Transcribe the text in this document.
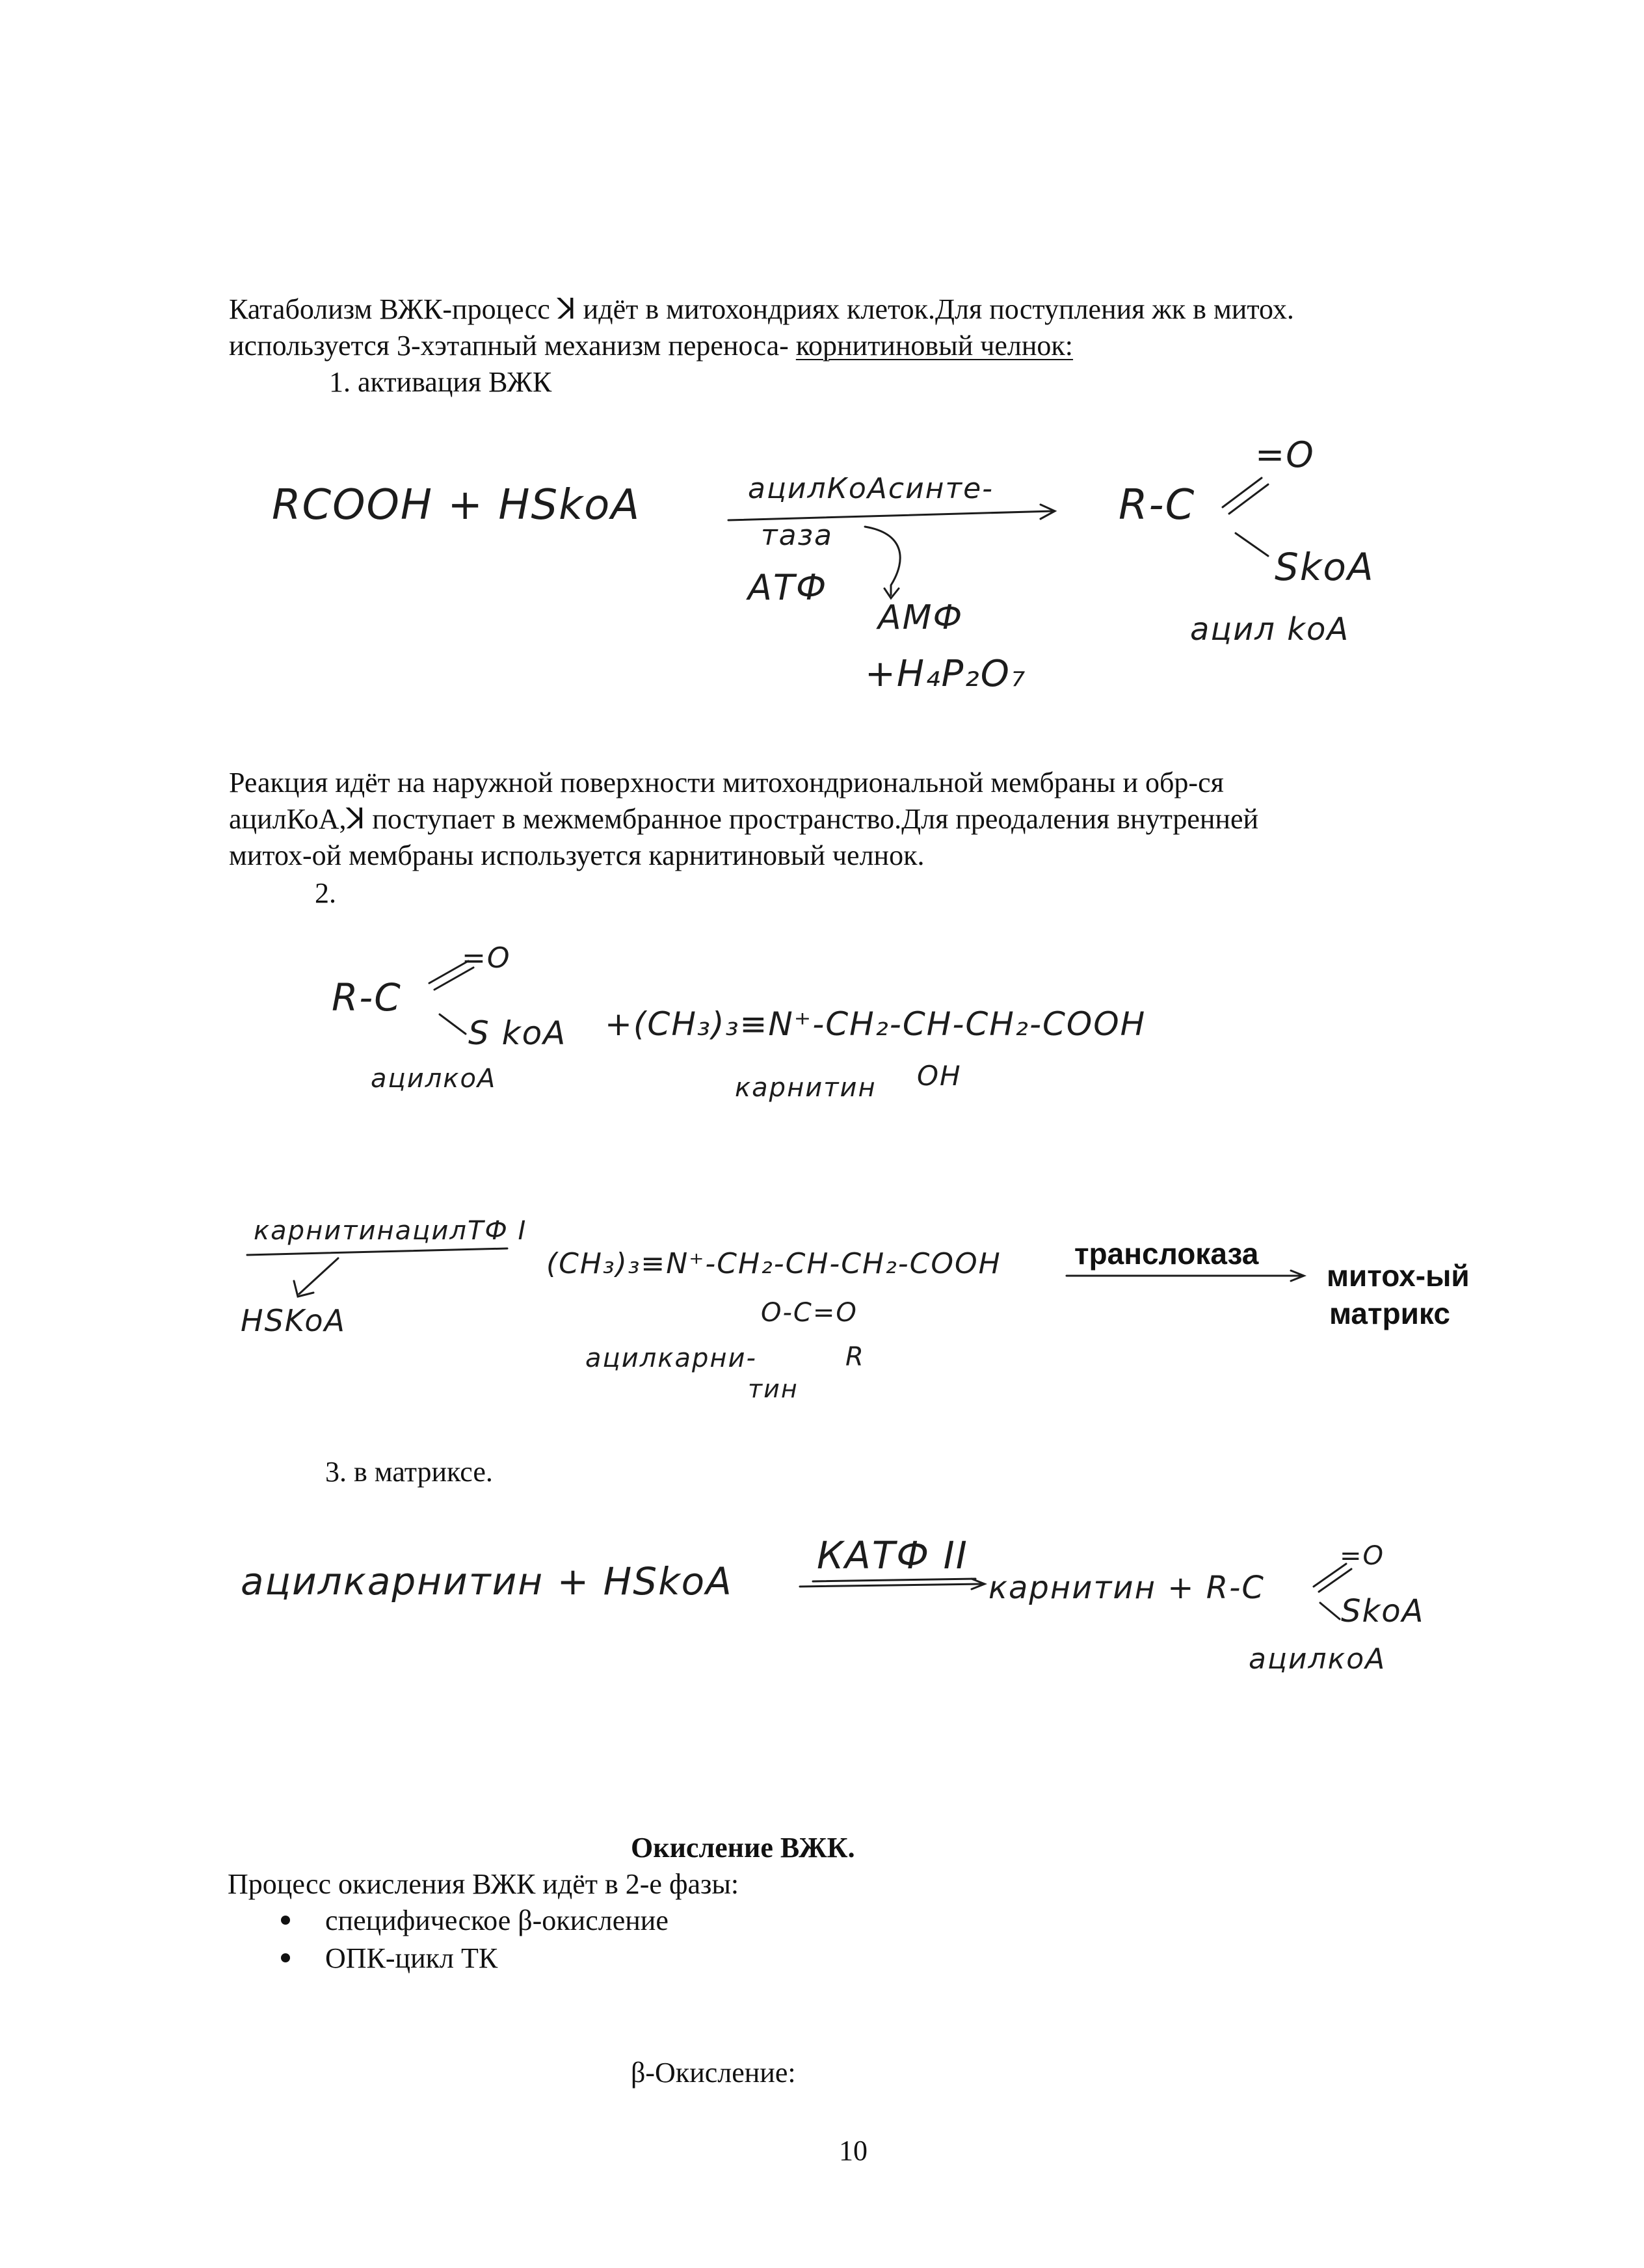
Катаболизм ВЖК-процесс ꓘ идёт в митохондриях клеток.Для поступления жк в митох.
используется 3-хэтапный механизм переноса- корнитиновый челнок:
1. активация ВЖК
RCOOH + HSkoA	ацилКоАсинте-
таза
АТФ
АМФ
+H₄P₂O₇
R-C
=O
SkoA
ацил koA
Реакция идёт на наружной поверхности митохондриональной мембраны и обр-ся
ацилКоА,ꓘ поступает в межмембранное пространство.Для преодаления внутренней
митох-ой мембраны используется карнитиновый челнок.
2.
R-C
=O
S koA
ацилкоА
+(CH₃)₃≡N⁺-CH₂-CH-CH₂-COOH
OH
карнитин
карнитинацилТФ I
HSKoA
(CH₃)₃≡N⁺-CH₂-CH-CH₂-COOH
O-C=O
R
ацилкарни-
тин
транслоказа
митох-ый
матрикс
3. в матриксе.
ацилкарнитин + HSkoA
КАТФ II
карнитин + R-C
=O
SkoA
ацилкоА
Окисление ВЖК.
Процесс окисления ВЖК идёт в 2-е фазы:
специфическое β-окисление
ОПК-цикл ТК
β-Окисление:
10
